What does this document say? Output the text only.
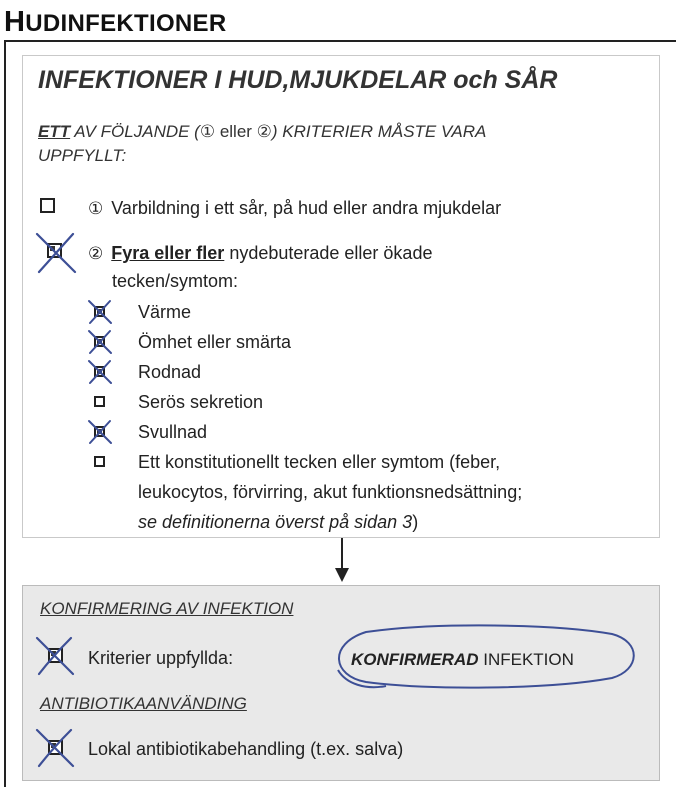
HUDINFEKTIONER
INFEKTIONER I HUD,MJUKDELAR och SÅR
ETT AV FÖLJANDE (① eller ②) KRITERIER MÅSTE VARA
UPPFYLLT:
① Varbildning i ett sår, på hud eller andra mjukdelar
② Fyra eller fler nydebuterade eller ökade
tecken/symtom:
Värme
Ömhet eller smärta
Rodnad
Serös sekretion
Svullnad
Ett konstitutionellt tecken eller symtom (feber,
leukocytos, förvirring, akut funktionsnedsättning;
se definitionerna överst på sidan 3)
KONFIRMERING AV INFEKTION
Kriterier uppfyllda:	KONFIRMERAD INFEKTION
ANTIBIOTIKAANVÄNDING
Lokal antibiotikabehandling (t.ex. salva)
